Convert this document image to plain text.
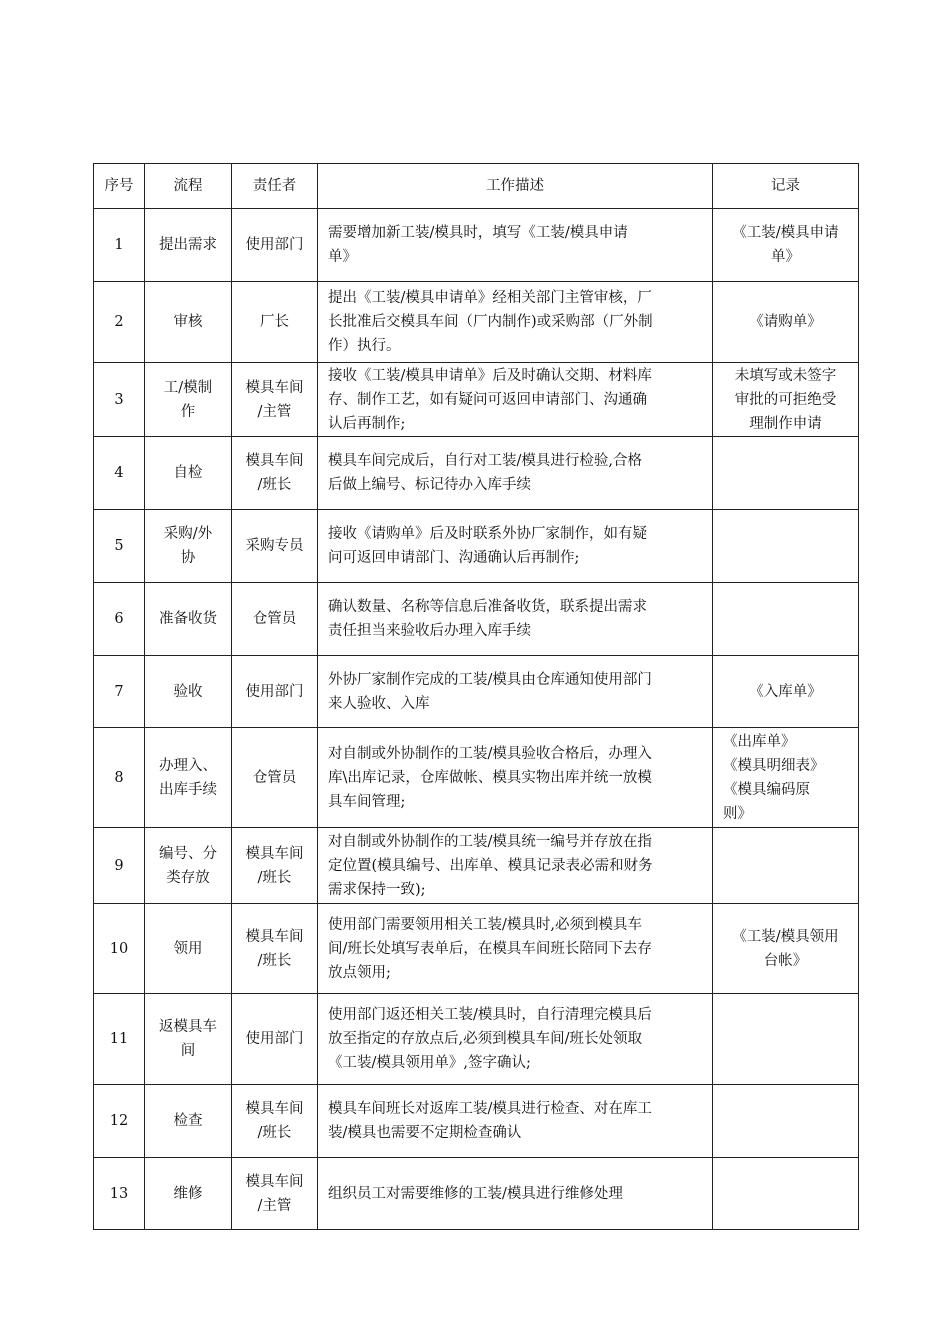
序号	流程	责任者	工作描述	记录
1	提出需求	使用部门	需要增加新工装/模具时，填写《工装/模具申请
单》	《工装/模具申请
单》

2	审核	厂长	提出《工装/模具申请单》经相关部门主管审核，厂
长批准后交模具车间（厂内制作)或采购部（厂外制
作）执行。	《请购单》

3	工/模制
作	模具车间
/主管	接收《工装/模具申请单》后及时确认交期、材料库
存、制作工艺，如有疑问可返回申请部门、沟通确
认后再制作;	未填写或未签字
审批的可拒绝受
理制作申请

4	自检	模具车间
/班长	模具车间完成后，自行对工装/模具进行检验,合格
后做上编号、标记待办入库手续	

5	采购/外
协	采购专员	接收《请购单》后及时联系外协厂家制作，如有疑
问可返回申请部门、沟通确认后再制作;	

6	准备收货	仓管员	确认数量、名称等信息后准备收货，联系提出需求
责任担当来验收后办理入库手续	

7	验收	使用部门	外协厂家制作完成的工装/模具由仓库通知使用部门
来人验收、入库	《入库单》

8	办理入、
出库手续	仓管员	对自制或外协制作的工装/模具验收合格后，办理入
库\出库记录，仓库做帐、模具实物出库并统一放模
具车间管理;	《出库单》
《模具明细表》
《模具编码原
则》

9	编号、分
类存放	模具车间
/班长	对自制或外协制作的工装/模具统一编号并存放在指
定位置(模具编号、出库单、模具记录表必需和财务
需求保持一致);	

10	领用	模具车间
/班长	使用部门需要领用相关工装/模具时,必须到模具车
间/班长处填写表单后，在模具车间班长陪同下去存
放点领用;	《工装/模具领用
台帐》

11	返模具车
间	使用部门	使用部门返还相关工装/模具时，自行清理完模具后
放至指定的存放点后,必须到模具车间/班长处领取
《工装/模具领用单》,签字确认;	

12	检查	模具车间
/班长	模具车间班长对返库工装/模具进行检查、对在库工
装/模具也需要不定期检查确认	

13	维修	模具车间
/主管	组织员工对需要维修的工装/模具进行维修处理	
